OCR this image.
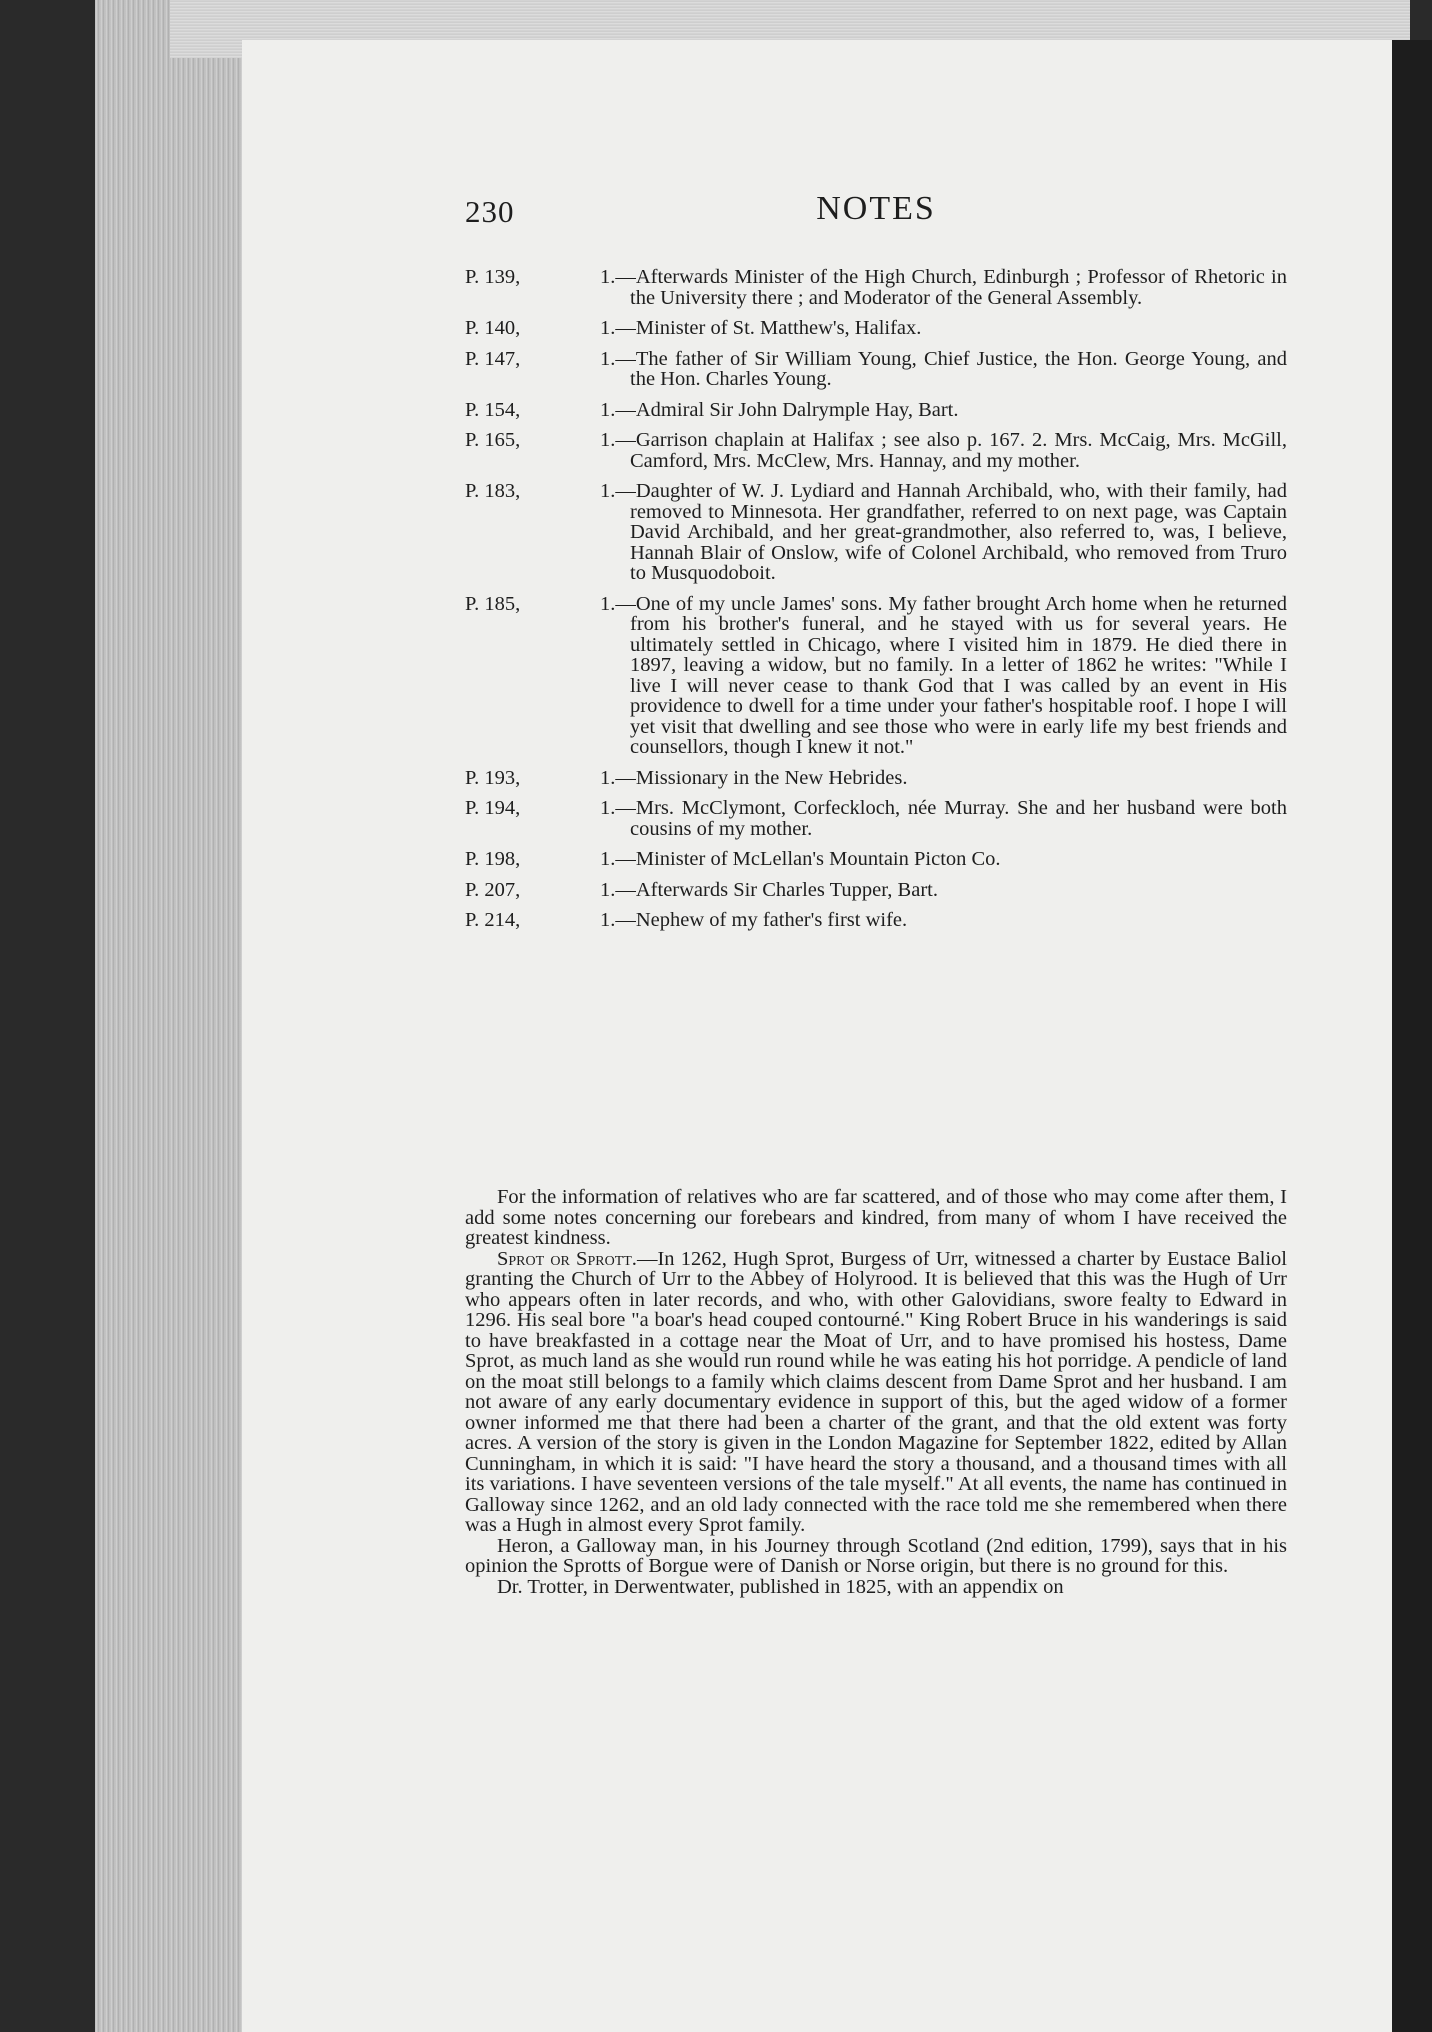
230	NOTES
P. 139,	1.—Afterwards Minister of the High Church, Edinburgh ; Professor of Rhetoric in the University there ; and Moderator of the General Assembly.
P. 140,	1.—Minister of St. Matthew's, Halifax.
P. 147,	1.—The father of Sir William Young, Chief Justice, the Hon. George Young, and the Hon. Charles Young.
P. 154,	1.—Admiral Sir John Dalrymple Hay, Bart.
P. 165,	1.—Garrison chaplain at Halifax ; see also p. 167. 2. Mrs. McCaig, Mrs. McGill, Camford, Mrs. McClew, Mrs. Hannay, and my mother.
P. 183,	1.—Daughter of W. J. Lydiard and Hannah Archibald, who, with their family, had removed to Minnesota. Her grandfather, referred to on next page, was Captain David Archibald, and her great-grandmother, also referred to, was, I believe, Hannah Blair of Onslow, wife of Colonel Archibald, who removed from Truro to Musquodoboit.
P. 185,	1.—One of my uncle James' sons. My father brought Arch home when he returned from his brother's funeral, and he stayed with us for several years. He ultimately settled in Chicago, where I visited him in 1879. He died there in 1897, leaving a widow, but no family. In a letter of 1862 he writes: "While I live I will never cease to thank God that I was called by an event in His providence to dwell for a time under your father's hospitable roof. I hope I will yet visit that dwelling and see those who were in early life my best friends and counsellors, though I knew it not."
P. 193,	1.—Missionary in the New Hebrides.
P. 194,	1.—Mrs. McClymont, Corfeckloch, née Murray. She and her husband were both cousins of my mother.
P. 198,	1.—Minister of McLellan's Mountain Picton Co.
P. 207,	1.—Afterwards Sir Charles Tupper, Bart.
P. 214,	1.—Nephew of my father's first wife.

For the information of relatives who are far scattered, and of those who may come after them, I add some notes concerning our forebears and kindred, from many of whom I have received the greatest kindness.

Sprot or Sprott.—In 1262, Hugh Sprot, Burgess of Urr, witnessed a charter by Eustace Baliol granting the Church of Urr to the Abbey of Holyrood. It is believed that this was the Hugh of Urr who appears often in later records, and who, with other Galovidians, swore fealty to Edward in 1296. His seal bore "a boar's head couped contourné." King Robert Bruce in his wanderings is said to have breakfasted in a cottage near the Moat of Urr, and to have promised his hostess, Dame Sprot, as much land as she would run round while he was eating his hot porridge. A pendicle of land on the moat still belongs to a family which claims descent from Dame Sprot and her husband. I am not aware of any early documentary evidence in support of this, but the aged widow of a former owner informed me that there had been a charter of the grant, and that the old extent was forty acres. A version of the story is given in the London Magazine for September 1822, edited by Allan Cunningham, in which it is said: "I have heard the story a thousand, and a thousand times with all its variations. I have seventeen versions of the tale myself." At all events, the name has continued in Galloway since 1262, and an old lady connected with the race told me she remembered when there was a Hugh in almost every Sprot family.

Heron, a Galloway man, in his Journey through Scotland (2nd edition, 1799), says that in his opinion the Sprotts of Borgue were of Danish or Norse origin, but there is no ground for this.

Dr. Trotter, in Derwentwater, published in 1825, with an appendix on
